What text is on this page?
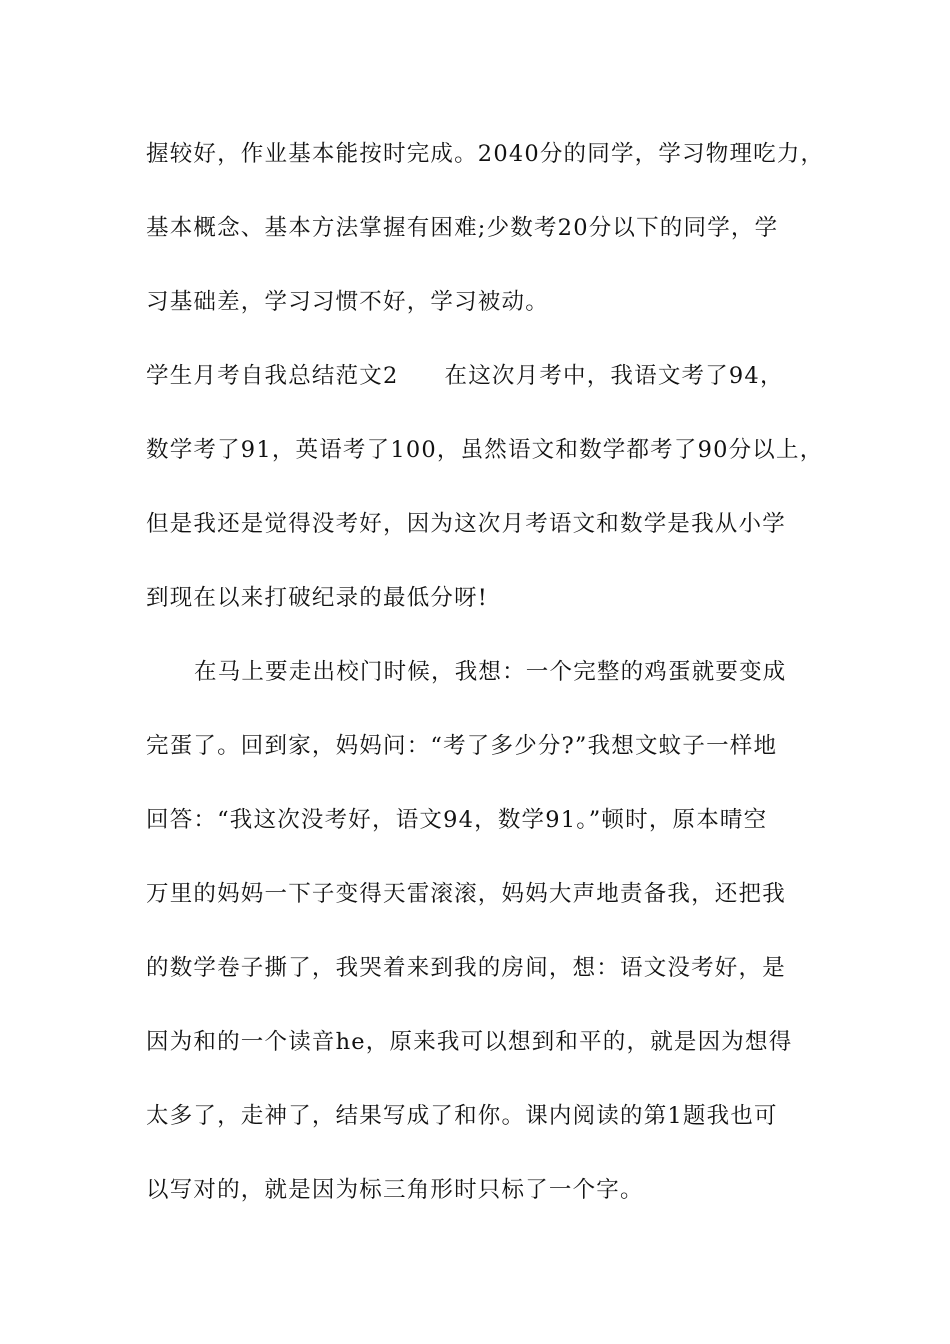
握较好，作业基本能按时完成。2040分的同学，学习物理吃力，
基本概念、基本方法掌握有困难;少数考20分以下的同学，学
习基础差，学习习惯不好，学习被动。
学生月考自我总结范文2 在这次月考中，我语文考了94，
数学考了91，英语考了100，虽然语文和数学都考了90分以上，
但是我还是觉得没考好，因为这次月考语文和数学是我从小学
到现在以来打破纪录的最低分呀!
在马上要走出校门时候，我想：一个完整的鸡蛋就要变成
完蛋了。回到家，妈妈问：“考了多少分?”我想文蚊子一样地
回答：“我这次没考好，语文94，数学91。”顿时，原本晴空
万里的妈妈一下子变得天雷滚滚，妈妈大声地责备我，还把我
的数学卷子撕了，我哭着来到我的房间，想：语文没考好，是
因为和的一个读音he，原来我可以想到和平的，就是因为想得
太多了，走神了，结果写成了和你。课内阅读的第1题我也可
以写对的，就是因为标三角形时只标了一个字。
